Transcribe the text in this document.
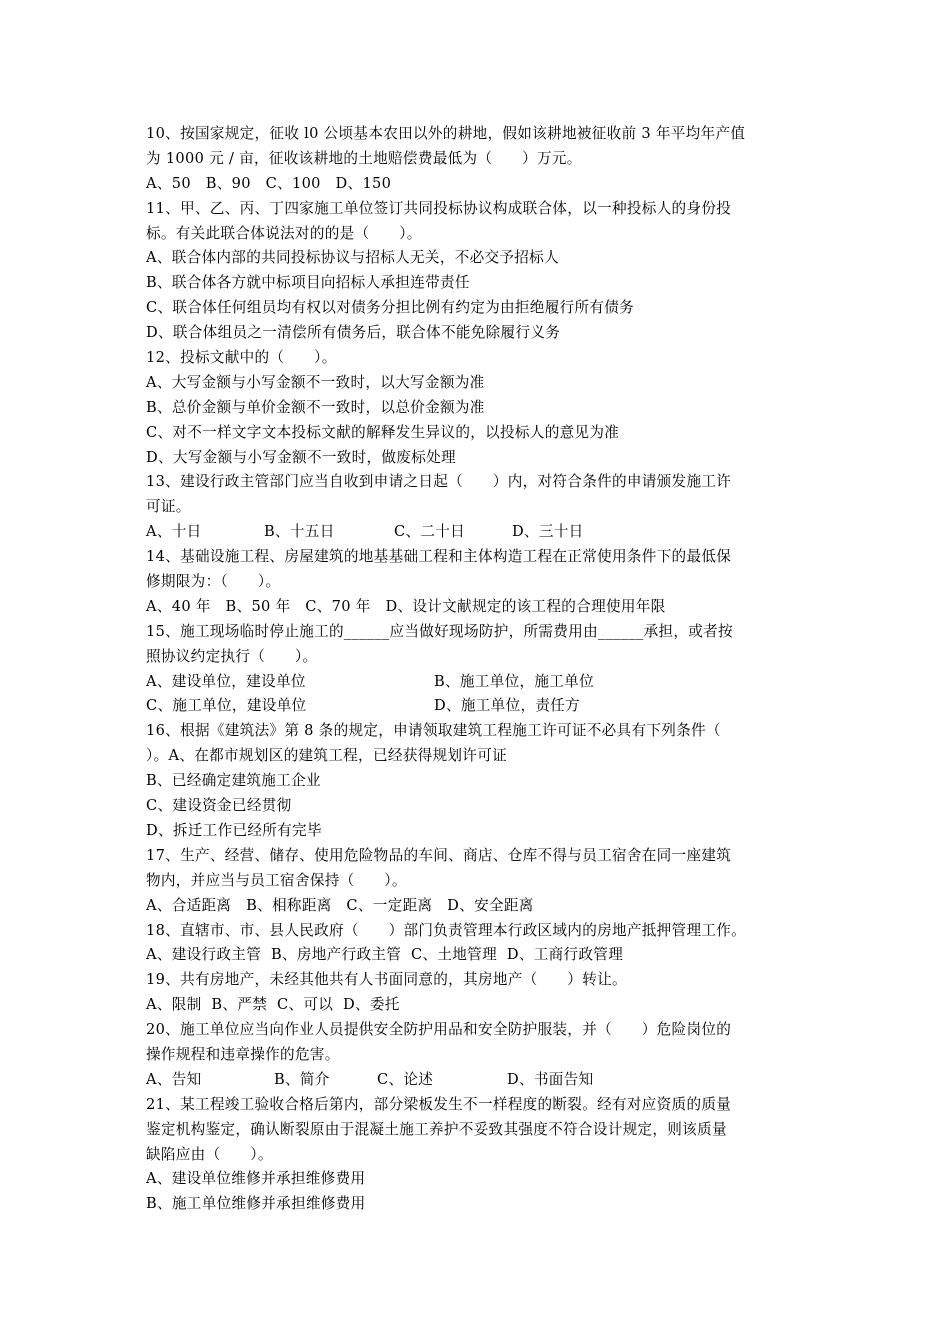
10、按国家规定，征收 l0 公顷基本农田以外的耕地，假如该耕地被征收前 3 年平均年产值
为 1000 元 / 亩，征收该耕地的土地赔偿费最低为（　　）万元。
A、50   B、90   C、100   D、150
11、甲、乙、丙、丁四家施工单位签订共同投标协议构成联合体，以一种投标人的身份投
标。有关此联合体说法对的的是（　　）。
A、联合体内部的共同投标协议与招标人无关，不必交予招标人
B、联合体各方就中标项目向招标人承担连带责任
C、联合体任何组员均有权以对债务分担比例有约定为由拒绝履行所有债务
D、联合体组员之一清偿所有债务后，联合体不能免除履行义务
12、投标文献中的（　　）。
A、大写金额与小写金额不一致时，以大写金额为准
B、总价金额与单价金额不一致时，以总价金额为准
C、对不一样文字文本投标文献的解释发生异议的，以投标人的意见为准
D、大写金额与小写金额不一致时，做废标处理
13、建设行政主管部门应当自收到申请之日起（　　）内，对符合条件的申请颁发施工许
可证。
A、十日	B、十五日	C、二十日	D、三十日
14、基础设施工程、房屋建筑的地基基础工程和主体构造工程在正常使用条件下的最低保
修期限为：（　　）。
A、40 年   B、50 年   C、70 年   D、设计文献规定的该工程的合理使用年限
15、施工现场临时停止施工的______应当做好现场防护，所需费用由______承担，或者按
照协议约定执行（　　）。
A、建设单位，建设单位	B、施工单位，施工单位
C、施工单位，建设单位	D、施工单位，责任方
16、根据《建筑法》第 8 条的规定，申请领取建筑工程施工许可证不必具有下列条件（
）。A、在都市规划区的建筑工程，已经获得规划许可证
B、已经确定建筑施工企业
C、建设资金已经贯彻
D、拆迁工作已经所有完毕
17、生产、经营、储存、使用危险物品的车间、商店、仓库不得与员工宿舍在同一座建筑
物内，并应当与员工宿舍保持（　　）。
A、合适距离   B、相称距离   C、一定距离   D、安全距离
18、直辖市、市、县人民政府（　　）部门负责管理本行政区域内的房地产抵押管理工作。
A、建设行政主管  B、房地产行政主管  C、土地管理  D、工商行政管理
19、共有房地产，未经其他共有人书面同意的，其房地产（　　）转让。
A、限制  B、严禁  C、可以  D、委托
20、施工单位应当向作业人员提供安全防护用品和安全防护服装，并（　　）危险岗位的
操作规程和违章操作的危害。
A、告知	B、简介	C、论述	D、书面告知
21、某工程竣工验收合格后第内，部分梁板发生不一样程度的断裂。经有对应资质的质量
鉴定机构鉴定，确认断裂原由于混凝土施工养护不妥致其强度不符合设计规定，则该质量
缺陷应由（　　）。
A、建设单位维修并承担维修费用
B、施工单位维修并承担维修费用
